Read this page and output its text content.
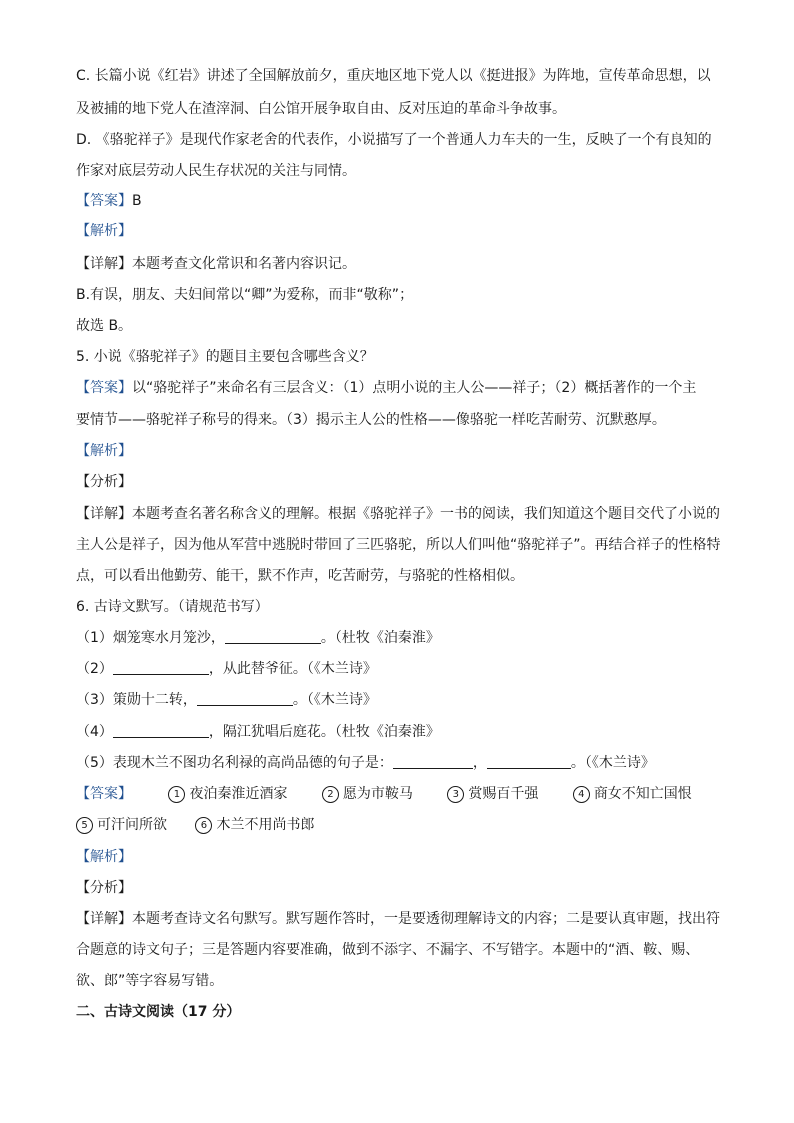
C. 长篇小说《红岩》讲述了全国解放前夕，重庆地区地下党人以《挺进报》为阵地，宣传革命思想，以
及被捕的地下党人在渣滓洞、白公馆开展争取自由、反对压迫的革命斗争故事。
D. 《骆驼祥子》是现代作家老舍的代表作，小说描写了一个普通人力车夫的一生，反映了一个有良知的
作家对底层劳动人民生存状况的关注与同情。
【答案】B
【解析】
【详解】本题考查文化常识和名著内容识记。
B.有误，朋友、夫妇间常以“卿”为爱称，而非“敬称”；
故选 B。
5. 小说《骆驼祥子》的题目主要包含哪些含义？
【答案】以“骆驼祥子”来命名有三层含义：（1）点明小说的主人公——祥子；（2）概括著作的一个主
要情节——骆驼祥子称号的得来。（3）揭示主人公的性格——像骆驼一样吃苦耐劳、沉默憨厚。
【解析】
【分析】
【详解】本题考查名著名称含义的理解。根据《骆驼祥子》一书的阅读，我们知道这个题目交代了小说的
主人公是祥子，因为他从军营中逃脱时带回了三匹骆驼，所以人们叫他“骆驼祥子”。再结合祥子的性格特
点，可以看出他勤劳、能干，默不作声，吃苦耐劳，与骆驼的性格相似。
6. 古诗文默写。（请规范书写）
（1）烟笼寒水月笼沙，	。（杜牧《泊秦淮》
（2）	，从此替爷征。（《木兰诗》
（3）策勋十二转，	。（《木兰诗》
（4）	，隔江犹唱后庭花。（杜牧《泊秦淮》
（5）表现木兰不图功名利禄的高尚品德的句子是：	，	。（《木兰诗》
【答案】	1 夜泊秦淮近酒家	2 愿为市鞍马	3 赏赐百千强	4 商女不知亡国恨
5 可汗问所欲	6 木兰不用尚书郎
【解析】
【分析】
【详解】本题考查诗文名句默写。默写题作答时，一是要透彻理解诗文的内容；二是要认真审题，找出符
合题意的诗文句子；三是答题内容要准确，做到不添字、不漏字、不写错字。本题中的“酒、鞍、赐、
欲、郎”等字容易写错。
二、古诗文阅读（17 分）
